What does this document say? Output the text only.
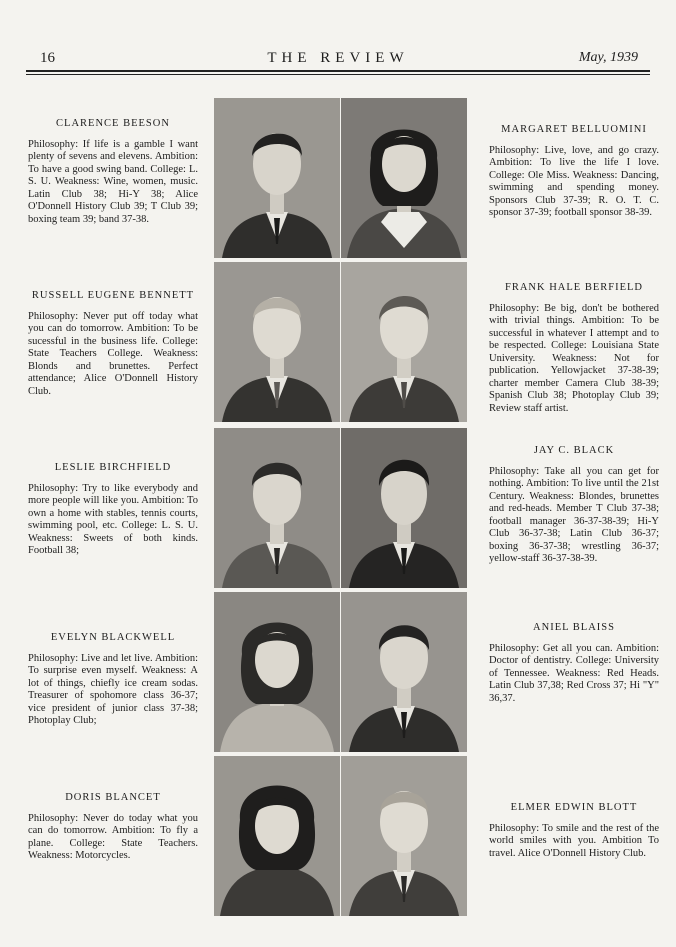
16	THE REVIEW	May, 1939
CLARENCE BEESON
Philosophy: If life is a gamble I want plenty of sevens and elevens. Ambition: To have a good swing band. College: L. S. U. Weakness: Wine, women, music. Latin Club 38; Hi-Y 38; Alice O'Donnell History Club 39; T Club 39; boxing team 39; band 37-38.
RUSSELL EUGENE BENNETT
Philosophy: Never put off today what you can do tomorrow. Ambition: To be sucessful in the business life. College: State Teachers College. Weakness: Blonds and brunettes. Perfect attendance; Alice O'Donnell History Club.
LESLIE BIRCHFIELD
Philosophy: Try to like everybody and more people will like you. Ambition: To own a home with stables, tennis courts, swimming pool, etc. College: L. S. U. Weakness: Sweets of both kinds. Football 38;
EVELYN BLACKWELL
Philosophy: Live and let live. Ambition: To surprise even myself. Weakness: A lot of things, chiefly ice cream sodas. Treasurer of spohomore class 36-37; vice president of junior class 37-38; Photoplay Club;
DORIS BLANCET
Philosophy: Never do today what you can do tomorrow. Ambition: To fly a plane. College: State Teachers. Weakness: Motorcycles.
MARGARET BELLUOMINI
Philosophy: Live, love, and go crazy. Ambition: To live the life I love. College: Ole Miss. Weakness: Dancing, swimming and spending money. Sponsors Club 37-39; R. O. T. C. sponsor 37-39; football sponsor 38-39.
FRANK HALE BERFIELD
Philosophy: Be big, don't be bothered with trivial things. Ambition: To be successful in whatever I attempt and to be respected. College: Louisiana State University. Weakness: Not for publication. Yellowjacket 37-38-39; charter member Camera Club 38-39; Spanish Club 38; Photoplay Club 39; Review staff artist.
JAY C. BLACK
Philosophy: Take all you can get for nothing. Ambition: To live until the 21st Century. Weakness: Blondes, brunettes and red-heads. Member T Club 37-38; football manager 36-37-38-39; Hi-Y Club 36-37-38; Latin Club 36-37; boxing 36-37-38; wrestling 36-37; yellow-staff 36-37-38-39.
ANIEL BLAISS
Philosophy: Get all you can. Ambition: Doctor of dentistry. College: University of Tennessee. Weakness: Red Heads. Latin Club 37,38; Red Cross 37; Hi "Y" 36,37.
ELMER EDWIN BLOTT
Philosophy: To smile and the rest of the world smiles with you. Ambition To travel. Alice O'Donnell History Club.
